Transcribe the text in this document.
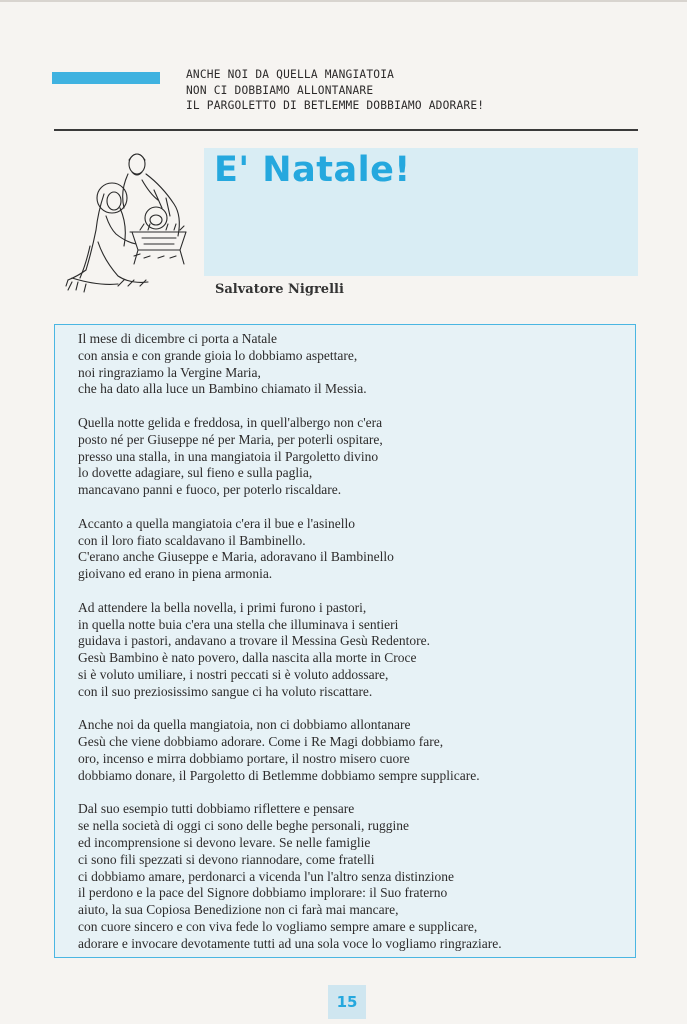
ANCHE NOI DA QUELLA MANGIATOIA
NON CI DOBBIAMO ALLONTANARE
IL PARGOLETTO DI BETLEMME DOBBIAMO ADORARE!
E' Natale!
Salvatore Nigrelli
Il mese di dicembre ci porta a Natale
con ansia e con grande gioia lo dobbiamo aspettare,
noi ringraziamo la Vergine Maria,
che ha dato alla luce un Bambino chiamato il Messia.
Quella notte gelida e freddosa, in quell'albergo non c'era
posto né per Giuseppe né per Maria, per poterli ospitare,
presso una stalla, in una mangiatoia il Pargoletto divino
lo dovette adagiare, sul fieno e sulla paglia,
mancavano panni e fuoco, per poterlo riscaldare.
Accanto a quella mangiatoia c'era il bue e l'asinello
con il loro fiato scaldavano il Bambinello.
C'erano anche Giuseppe e Maria, adoravano il Bambinello
gioivano ed erano in piena armonia.
Ad attendere la bella novella, i primi furono i pastori,
in quella notte buia c'era una stella che illuminava i sentieri
guidava i pastori, andavano a trovare il Messina Gesù Redentore.
Gesù Bambino è nato povero, dalla nascita alla morte in Croce
si è voluto umiliare, i nostri peccati si è voluto addossare,
con il suo preziosissimo sangue ci ha voluto riscattare.
Anche noi da quella mangiatoia, non ci dobbiamo allontanare
Gesù che viene dobbiamo adorare. Come i Re Magi dobbiamo fare,
oro, incenso e mirra dobbiamo portare, il nostro misero cuore
dobbiamo donare, il Pargoletto di Betlemme dobbiamo sempre supplicare.
Dal suo esempio tutti dobbiamo riflettere e pensare
se nella società di oggi ci sono delle beghe personali, ruggine
ed incomprensione si devono levare. Se nelle famiglie
ci sono fili spezzati si devono riannodare, come fratelli
ci dobbiamo amare, perdonarci a vicenda l'un l'altro senza distinzione
il perdono e la pace del Signore dobbiamo implorare: il Suo fraterno
aiuto, la sua Copiosa Benedizione non ci farà mai mancare,
con cuore sincero e con viva fede lo vogliamo sempre amare e supplicare,
adorare e invocare devotamente tutti ad una sola voce lo vogliamo ringraziare.
15
